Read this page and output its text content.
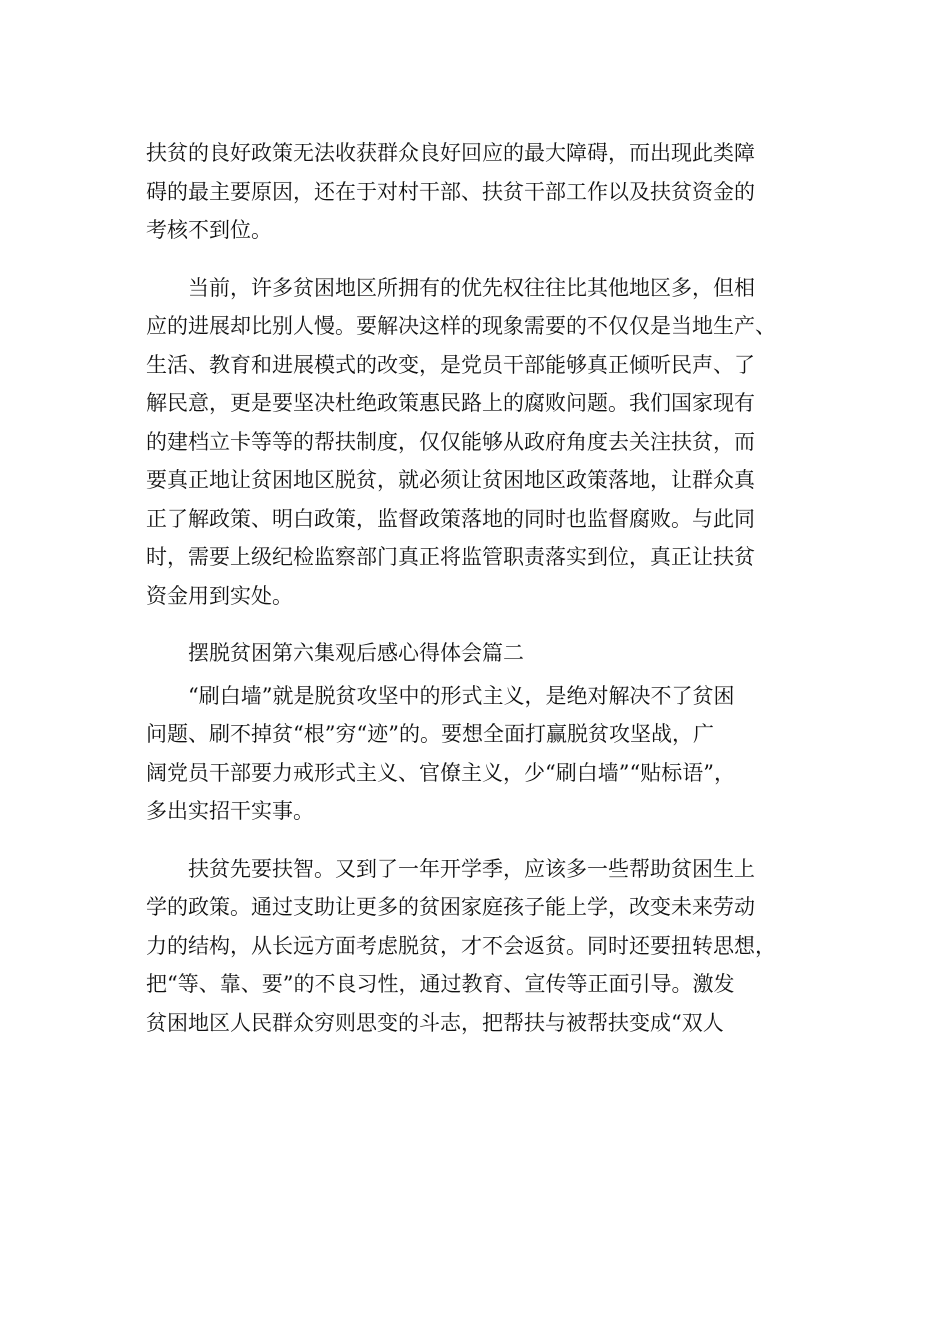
扶贫的良好政策无法收获群众良好回应的最大障碍，而出现此类障
碍的最主要原因，还在于对村干部、扶贫干部工作以及扶贫资金的
考核不到位。
　　当前，许多贫困地区所拥有的优先权往往比其他地区多，但相
应的进展却比别人慢。要解决这样的现象需要的不仅仅是当地生产、
生活、教育和进展模式的改变，是党员干部能够真正倾听民声、了
解民意，更是要坚决杜绝政策惠民路上的腐败问题。我们国家现有
的建档立卡等等的帮扶制度，仅仅能够从政府角度去关注扶贫，而
要真正地让贫困地区脱贫，就必须让贫困地区政策落地，让群众真
正了解政策、明白政策，监督政策落地的同时也监督腐败。与此同
时，需要上级纪检监察部门真正将监管职责落实到位，真正让扶贫
资金用到实处。
　　摆脱贫困第六集观后感心得体会篇二
　　“刷白墙”就是脱贫攻坚中的形式主义，是绝对解决不了贫困
问题、刷不掉贫“根”穷“迹”的。要想全面打赢脱贫攻坚战，广
阔党员干部要力戒形式主义、官僚主义，少“刷白墙”“贴标语”，
多出实招干实事。
　　扶贫先要扶智。又到了一年开学季，应该多一些帮助贫困生上
学的政策。通过支助让更多的贫困家庭孩子能上学，改变未来劳动
力的结构，从长远方面考虑脱贫，才不会返贫。同时还要扭转思想，
把“等、靠、要”的不良习性，通过教育、宣传等正面引导。激发
贫困地区人民群众穷则思变的斗志，把帮扶与被帮扶变成“双人
